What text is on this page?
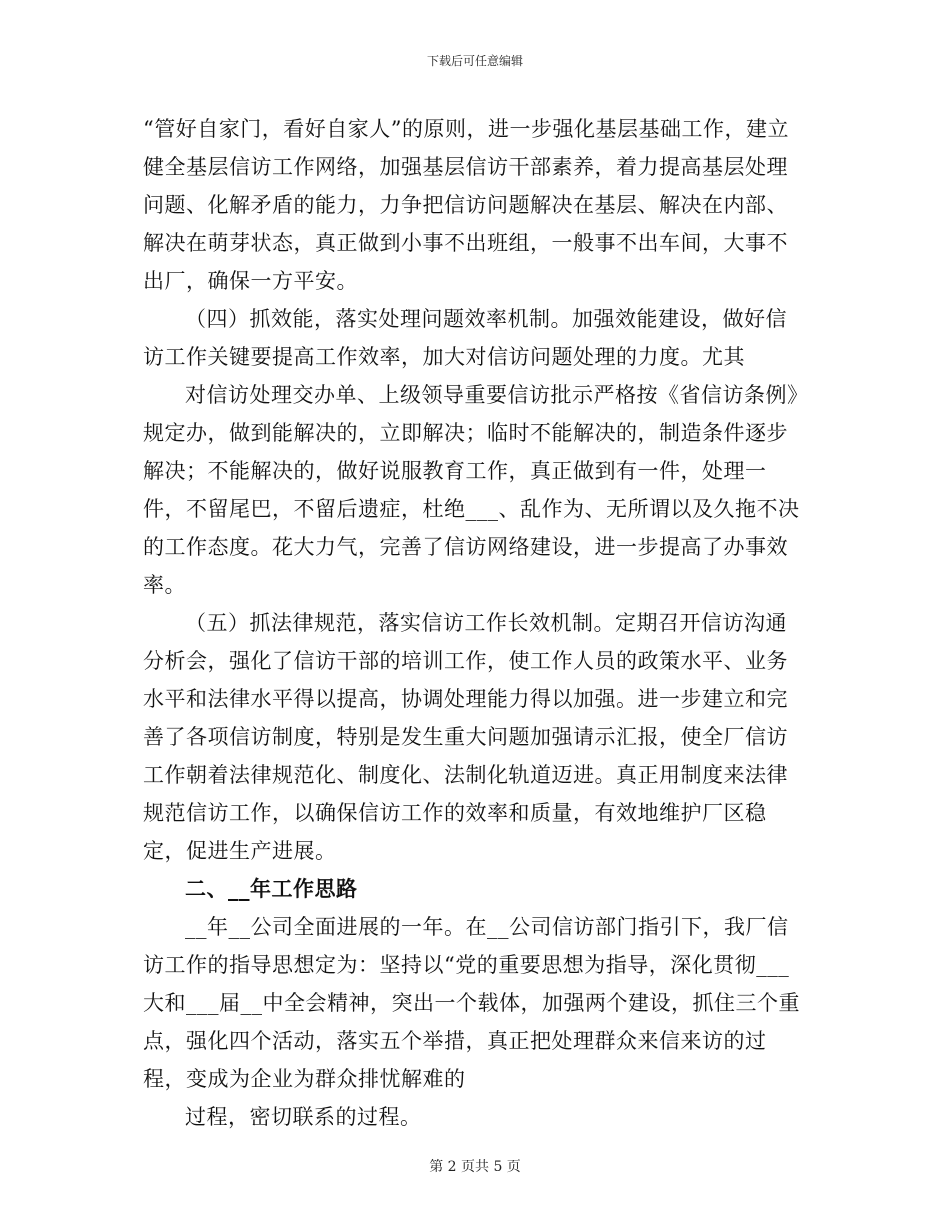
下载后可任意编辑

“管好自家门，看好自家人”的原则，进一步强化基层基础工作，建立健全基层信访工作网络，加强基层信访干部素养，着力提高基层处理问题、化解矛盾的能力，力争把信访问题解决在基层、解决在内部、解决在萌芽状态，真正做到小事不出班组，一般事不出车间，大事不出厂，确保一方平安。

（四）抓效能，落实处理问题效率机制。加强效能建设，做好信访工作关键要提高工作效率，加大对信访问题处理的力度。尤其

对信访处理交办单、上级领导重要信访批示严格按《省信访条例》规定办，做到能解决的，立即解决；临时不能解决的，制造条件逐步解决；不能解决的，做好说服教育工作，真正做到有一件，处理一件，不留尾巴，不留后遗症，杜绝___、乱作为、无所谓以及久拖不决的工作态度。花大力气，完善了信访网络建设，进一步提高了办事效率。

（五）抓法律规范，落实信访工作长效机制。定期召开信访沟通分析会，强化了信访干部的培训工作，使工作人员的政策水平、业务水平和法律水平得以提高，协调处理能力得以加强。进一步建立和完善了各项信访制度，特别是发生重大问题加强请示汇报，使全厂信访工作朝着法律规范化、制度化、法制化轨道迈进。真正用制度来法律规范信访工作，以确保信访工作的效率和质量，有效地维护厂区稳定，促进生产进展。

二、__年工作思路

__年__公司全面进展的一年。在__公司信访部门指引下，我厂信访工作的指导思想定为：坚持以“党的重要思想为指导，深化贯彻___大和___届__中全会精神，突出一个载体，加强两个建设，抓住三个重点，强化四个活动，落实五个举措，真正把处理群众来信来访的过程，变成为企业为群众排忧解难的

过程，密切联系的过程。

第 2 页共 5 页
